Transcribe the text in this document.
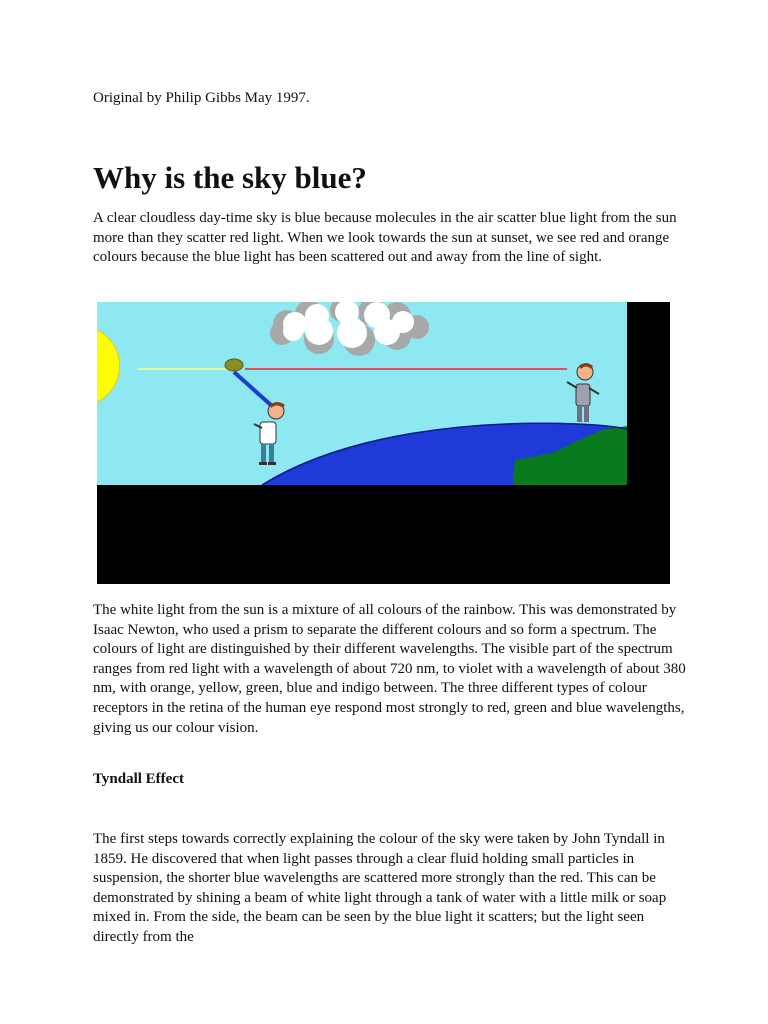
Original by Philip Gibbs May 1997.
Why is the sky blue?

A clear cloudless day-time sky is blue because molecules in the air scatter blue light from the sun more than they scatter red light. When we look towards the sun at sunset, we see red and orange colours because the blue light has been scattered out and away from the line of sight.

The white light from the sun is a mixture of all colours of the rainbow. This was demonstrated by Isaac Newton, who used a prism to separate the different colours and so form a spectrum. The colours of light are distinguished by their different wavelengths. The visible part of the spectrum ranges from red light with a wavelength of about 720 nm, to violet with a wavelength of about 380 nm, with orange, yellow, green, blue and indigo between. The three different types of colour receptors in the retina of the human eye respond most strongly to red, green and blue wavelengths, giving us our colour vision.

Tyndall Effect

The first steps towards correctly explaining the colour of the sky were taken by John Tyndall in 1859. He discovered that when light passes through a clear fluid holding small particles in suspension, the shorter blue wavelengths are scattered more strongly than the red. This can be demonstrated by shining a beam of white light through a tank of water with a little milk or soap mixed in. From the side, the beam can be seen by the blue light it scatters; but the light seen directly from the
